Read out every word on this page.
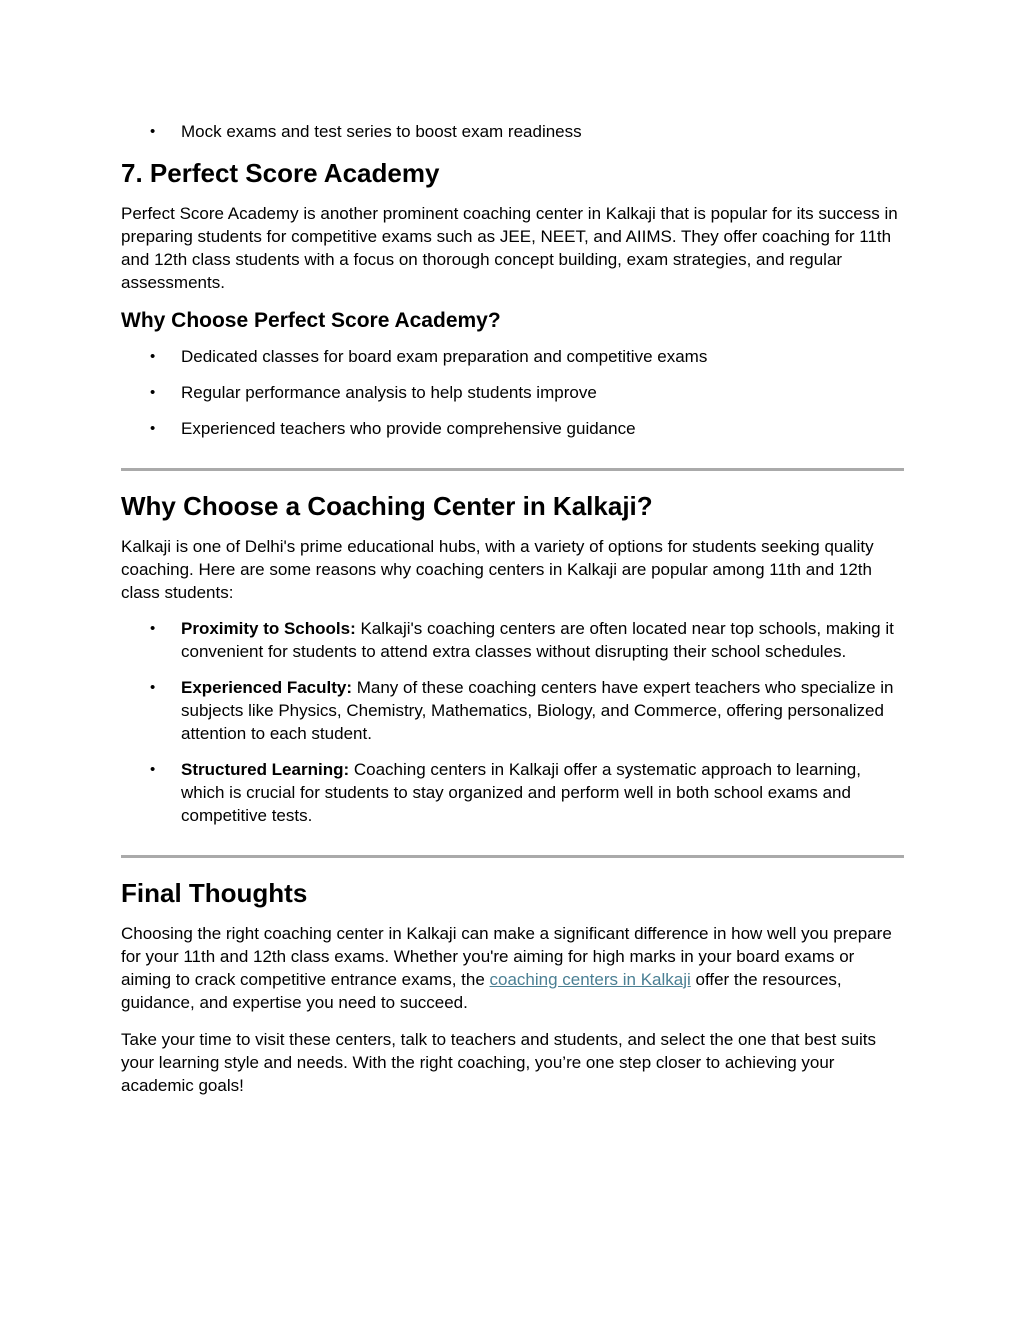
• Mock exams and test series to boost exam readiness
7. Perfect Score Academy

Perfect Score Academy is another prominent coaching center in Kalkaji that is popular for its success in preparing students for competitive exams such as JEE, NEET, and AIIMS. They offer coaching for 11th and 12th class students with a focus on thorough concept building, exam strategies, and regular assessments.

Why Choose Perfect Score Academy?
• Dedicated classes for board exam preparation and competitive exams
• Regular performance analysis to help students improve
• Experienced teachers who provide comprehensive guidance
Why Choose a Coaching Center in Kalkaji?

Kalkaji is one of Delhi's prime educational hubs, with a variety of options for students seeking quality coaching. Here are some reasons why coaching centers in Kalkaji are popular among 11th and 12th class students:

• Proximity to Schools: Kalkaji's coaching centers are often located near top schools, making it convenient for students to attend extra classes without disrupting their school schedules.
• Experienced Faculty: Many of these coaching centers have expert teachers who specialize in subjects like Physics, Chemistry, Mathematics, Biology, and Commerce, offering personalized attention to each student.
• Structured Learning: Coaching centers in Kalkaji offer a systematic approach to learning, which is crucial for students to stay organized and perform well in both school exams and competitive tests.
Final Thoughts

Choosing the right coaching center in Kalkaji can make a significant difference in how well you prepare for your 11th and 12th class exams. Whether you're aiming for high marks in your board exams or aiming to crack competitive entrance exams, the coaching centers in Kalkaji offer the resources, guidance, and expertise you need to succeed.

Take your time to visit these centers, talk to teachers and students, and select the one that best suits your learning style and needs. With the right coaching, you’re one step closer to achieving your academic goals!
